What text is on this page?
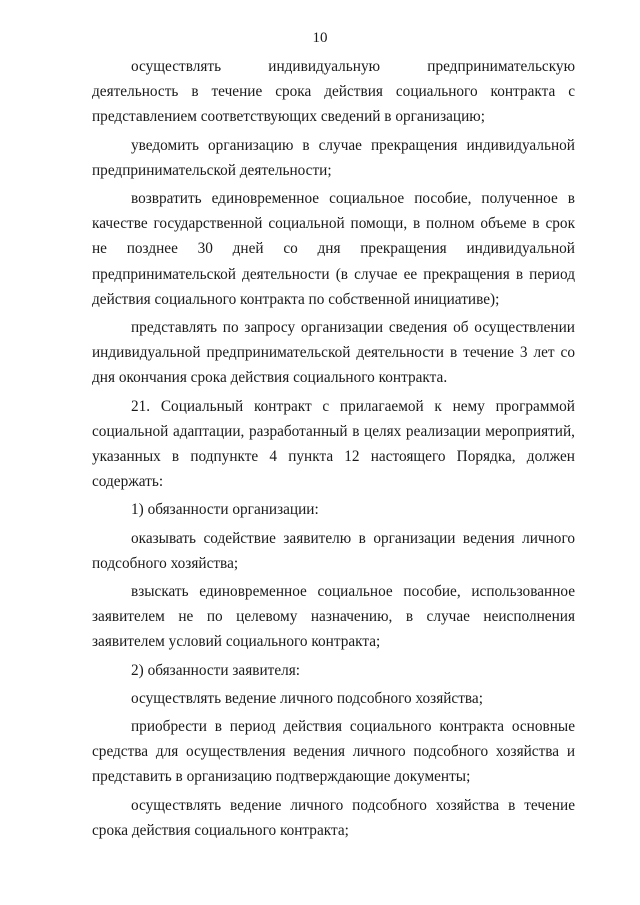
10

осуществлять индивидуальную предпринимательскую деятельность в течение срока действия социального контракта с представлением соответствующих сведений в организацию;

уведомить организацию в случае прекращения индивидуальной предпринимательской деятельности;

возвратить единовременное социальное пособие, полученное в качестве государственной социальной помощи, в полном объеме в срок не позднее 30 дней со дня прекращения индивидуальной предпринимательской деятельности (в случае ее прекращения в период действия социального контракта по собственной инициативе);

представлять по запросу организации сведения об осуществлении индивидуальной предпринимательской деятельности в течение 3 лет со дня окончания срока действия социального контракта.

21. Социальный контракт с прилагаемой к нему программой социальной адаптации, разработанный в целях реализации мероприятий, указанных в подпункте 4 пункта 12 настоящего Порядка, должен содержать:

1) обязанности организации:

оказывать содействие заявителю в организации ведения личного подсобного хозяйства;

взыскать единовременное социальное пособие, использованное заявителем не по целевому назначению, в случае неисполнения заявителем условий социального контракта;

2) обязанности заявителя:

осуществлять ведение личного подсобного хозяйства;

приобрести в период действия социального контракта основные средства для осуществления ведения личного подсобного хозяйства и представить в организацию подтверждающие документы;

осуществлять ведение личного подсобного хозяйства в течение срока действия социального контракта;
